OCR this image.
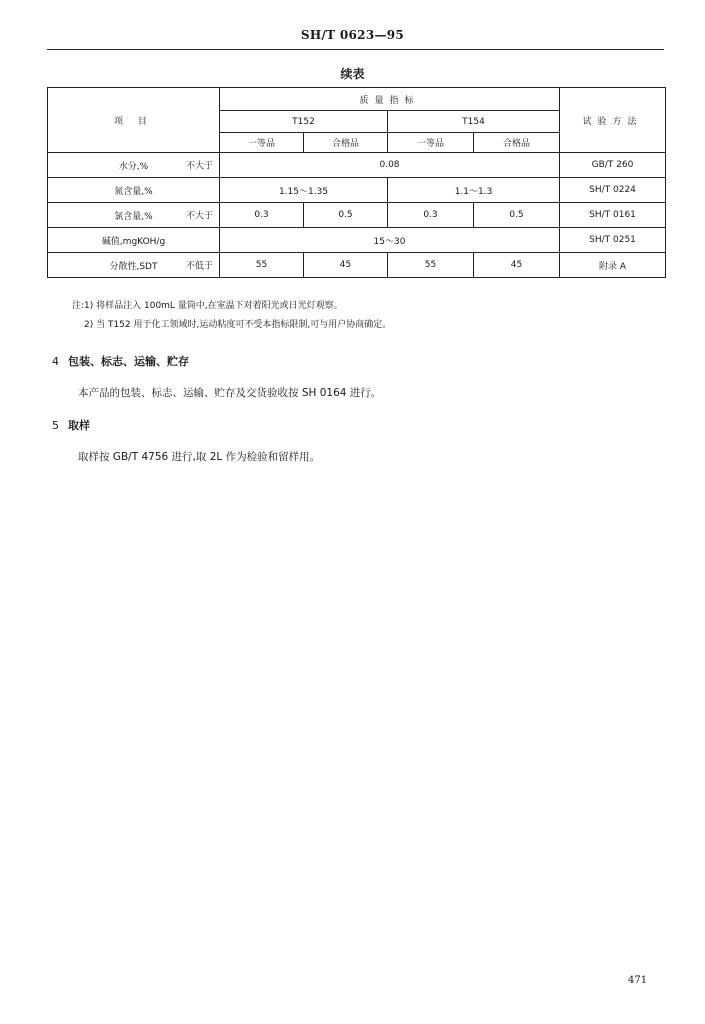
SH/T 0623—95
续表
项 目	质量指标				试验方法
	T152		T154		
	一等品	合格品	一等品	合格品	
水分,% 不大于	0.08				GB/T 260
氮含量,%	1.15～1.35		1.1～1.3		SH/T 0224
氯含量,% 不大于	0.3	0.5	0.3	0.5	SH/T 0161
碱值,mgKOH/g	15～30				SH/T 0251
分散性,SDT 不低于	55	45	55	45	附录 A
注:1) 将样品注入 100mL 量筒中,在室温下对着阳光或日光灯观察。
2) 当 T152 用于化工领域时,运动粘度可不受本指标限制,可与用户协商确定。
4 包装、标志、运输、贮存
本产品的包装、标志、运输、贮存及交货验收按 SH 0164 进行。
5 取样
取样按 GB/T 4756 进行,取 2L 作为检验和留样用。
471
